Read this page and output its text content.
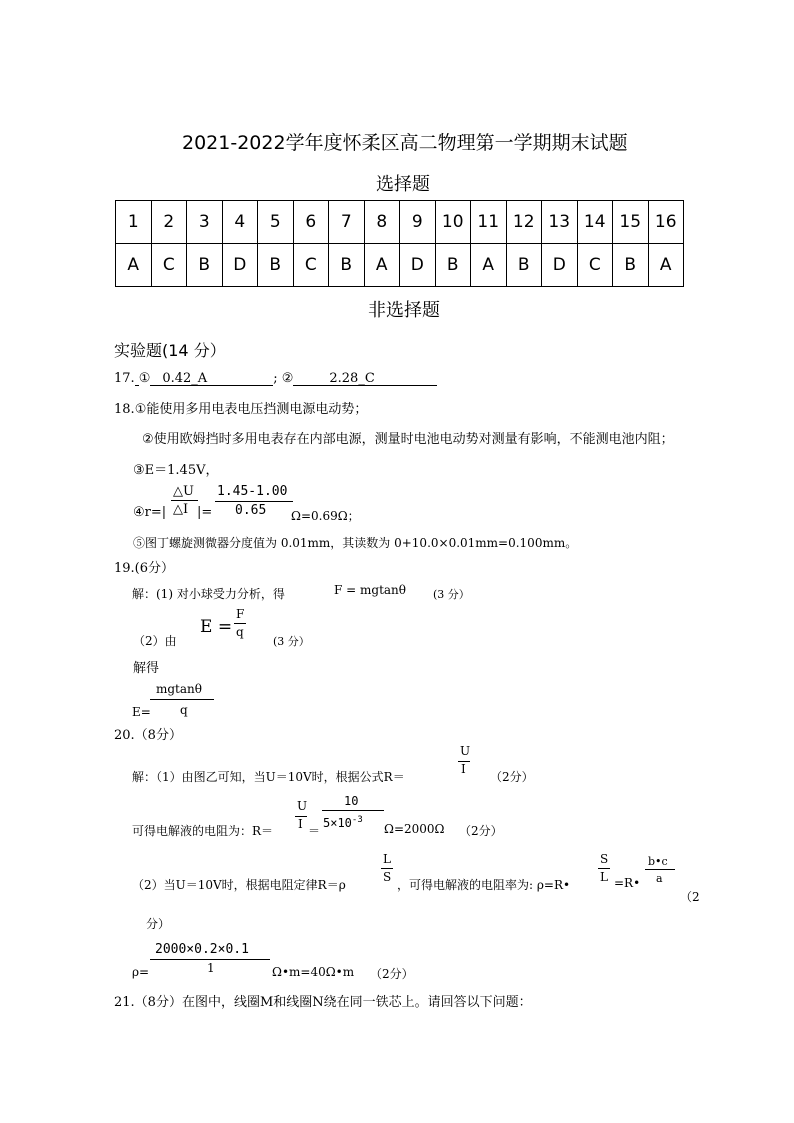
2021-2022学年度怀柔区高二物理第一学期期末试题
选择题
1	2	3	4	5	6	7	8	9	10	11	12	13	14	15	16
A	C	B	D	B	C	B	A	D	B	A	B	D	C	B	A
非选择题
实验题(14 分）
17. ① 0.42_A	; ②	2.28_C
18.①能使用多用电表电压挡测电源电动势；
②使用欧姆挡时多用电表存在内部电源，测量时电池电动势对测量有影响，不能测电池内阻；
③E＝1.45V，
④r=|
△U
△I |=
1.45-1.00
0.65 Ω=0.69Ω；
⑤图丁螺旋测微器分度值为 0.01mm，其读数为 0+10.0×0.01mm=0.100mm。
19.(6分）
解：(1) 对小球受力分析，得	F = mgtanθ (3 分）
（2）由
E =
F
q
(3 分）
解得
mgtanθ
E= q
20.（8分）
U
I
解：（1）由图乙可知，当U＝10V时，根据公式R＝	（2分）
可得电解液的电阻为：R＝
U
I ＝
10
$5\times 10^{-3}$
Ω=2000Ω （2分）
（2）当U＝10V时，根据电阻定律R＝ρ
L
S
，可得电解液的电阻率为: ρ=R•
S
L =R•
b•c
a
（2
分）
2000×0.2×0.1
ρ=	1	Ω•m=40Ω•m （2分）
21.（8分）在图中，线圈M和线圈N绕在同一铁芯上。请回答以下问题：
